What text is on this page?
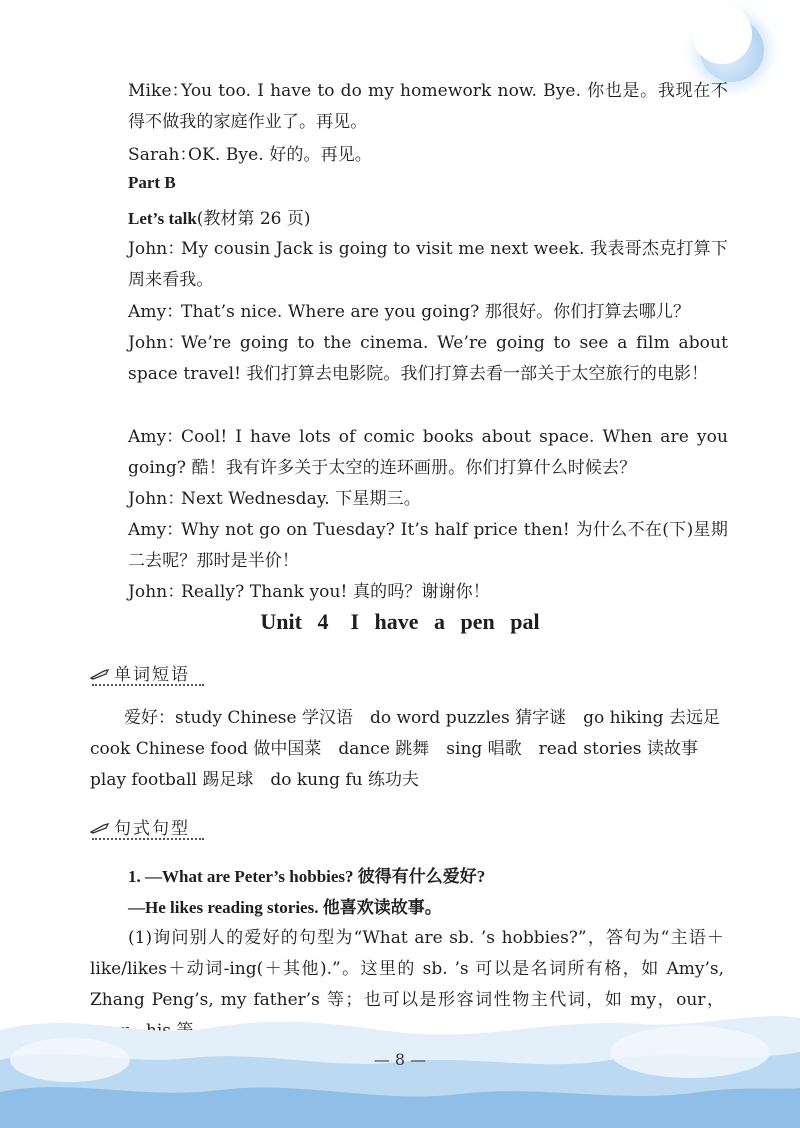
Mike：
You too. I have to do my homework now. Bye. 你也是。我现在不得不做我的家庭作业了。再见。
Sarah：
OK. Bye. 好的。再见。
Part B
Let’s talk(教材第 26 页)
John：
My cousin Jack is going to visit me next week. 我表哥杰克打算下周来看我。
Amy：
That’s nice. Where are you going? 那很好。你们打算去哪儿？
John：
We’re going to the cinema. We’re going to see a film about space travel! 我们打算去电影院。我们打算去看一部关于太空旅行的电影！
Amy：
Cool! I have lots of comic books about space. When are you going? 酷！我有许多关于太空的连环画册。你们打算什么时候去？
John：
Next Wednesday. 下星期三。
Amy：
Why not go on Tuesday? It’s half price then! 为什么不在(下)星期二去呢？那时是半价！
John：
Really? Thank you! 真的吗？谢谢你！
Unit 4　I have a pen pal
单词短语
爱好：study Chinese 学汉语　do word puzzles 猜字谜　go hiking 去远足
cook Chinese food 做中国菜　dance 跳舞　sing 唱歌　read stories 读故事
play football 踢足球　do kung fu 练功夫
句式句型
1. —What are Peter’s hobbies? 彼得有什么爱好?
—He likes reading stories. 他喜欢读故事。
(1)询问别人的爱好的句型为“What are sb. ’s hobbies?”，答句为“主语＋like/likes＋动词-ing(＋其他).”。这里的 sb. ’s 可以是名词所有格，如 Amy’s, Zhang Peng’s, my father’s 等；也可以是形容词性物主代词，如 my，our，
— 8 —
